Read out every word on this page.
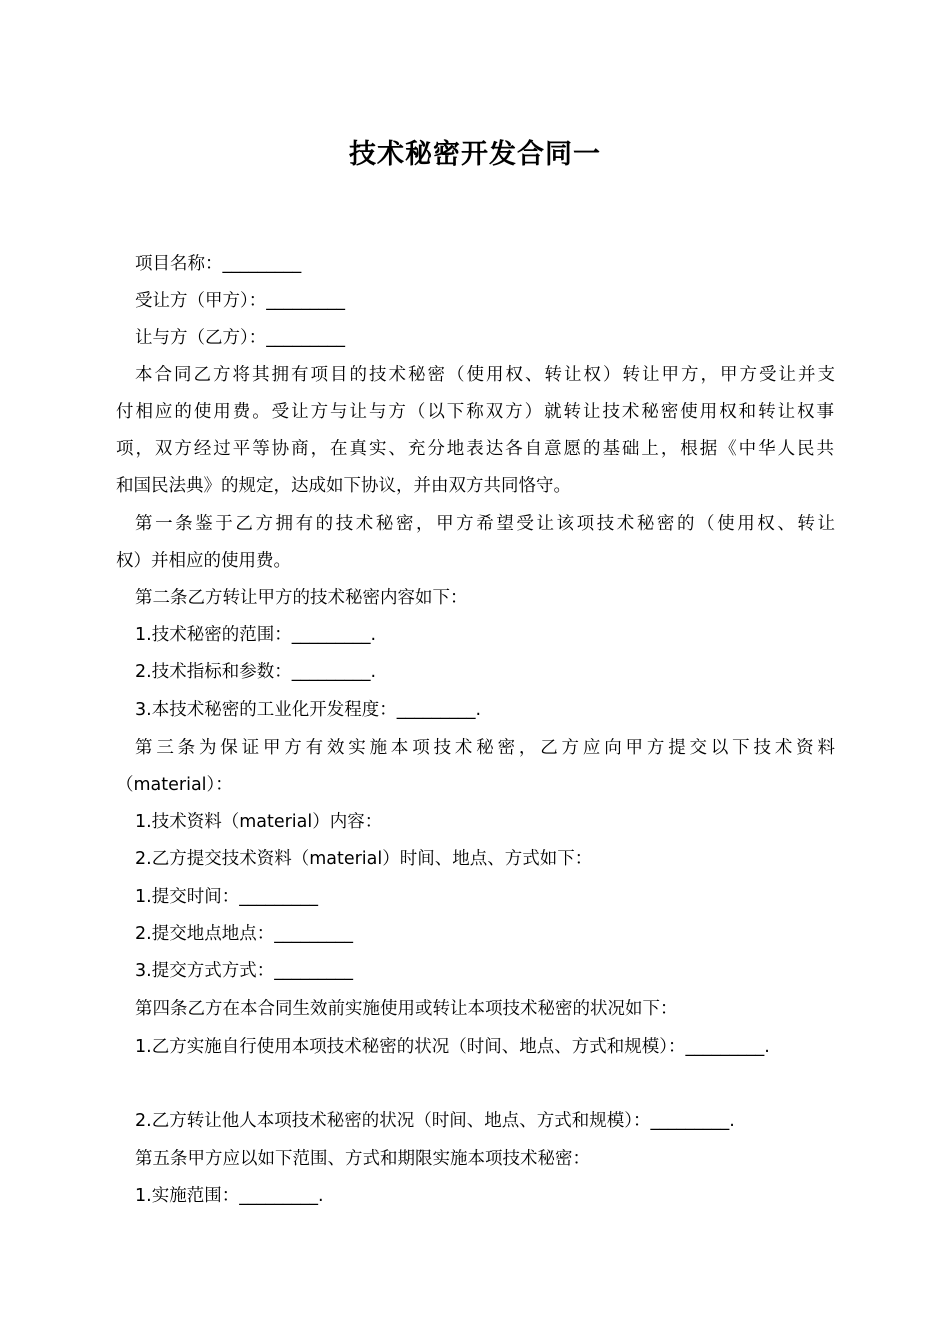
技术秘密开发合同一
项目名称：_________
受让方（甲方）：_________
让与方（乙方）：_________
本合同乙方将其拥有项目的技术秘密（使用权、转让权）转让甲方，甲方受让并支
付相应的使用费。受让方与让与方（以下称双方）就转让技术秘密使用权和转让权事
项，双方经过平等协商，在真实、充分地表达各自意愿的基础上，根据《中华人民共
和国民法典》的规定，达成如下协议，并由双方共同恪守。
第一条鉴于乙方拥有的技术秘密，甲方希望受让该项技术秘密的（使用权、转让
权）并相应的使用费。
第二条乙方转让甲方的技术秘密内容如下：
1.技术秘密的范围：_________.
2.技术指标和参数：_________.
3.本技术秘密的工业化开发程度：_________.
第三条为保证甲方有效实施本项技术秘密，乙方应向甲方提交以下技术资料
（material）：
1.技术资料（material）内容：
2.乙方提交技术资料（material）时间、地点、方式如下：
1.提交时间：_________
2.提交地点地点：_________
3.提交方式方式：_________
第四条乙方在本合同生效前实施使用或转让本项技术秘密的状况如下：
1.乙方实施自行使用本项技术秘密的状况（时间、地点、方式和规模）：_________.
2.乙方转让他人本项技术秘密的状况（时间、地点、方式和规模）：_________.
第五条甲方应以如下范围、方式和期限实施本项技术秘密：
1.实施范围：_________.
